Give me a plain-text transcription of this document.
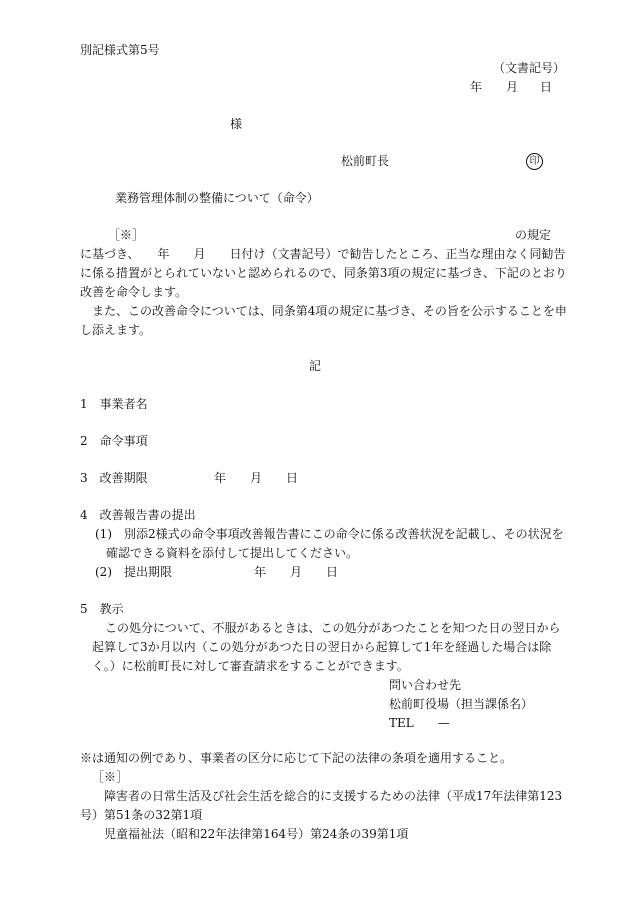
別記様式第5号
（文書記号）
年 月 日
様
松前町長	印
業務管理体制の整備について（命令）
［※］	の規定
に基づき、　　年　　月　　日付け（文書記号）で勧告したところ、正当な理由なく同勧告
に係る措置がとられていないと認められるので、同条第3項の規定に基づき、下記のとおり
改善を命令します。
　また、この改善命令については、同条第4項の規定に基づき、その旨を公示することを申
し添えます。
記
1　事業者名
2　命令事項
3　改善期限	年　　月　　日
4　改善報告書の提出
(1)　別添2様式の命令事項改善報告書にこの命令に係る改善状況を記載し、その状況を
確認できる資料を添付して提出してください。
(2)　提出期限	年　　月　　日
5　教示
この処分について、不服があるときは、この処分があつたことを知つた日の翌日から
起算して3か月以内（この処分があつた日の翌日から起算して1年を経過した場合は除
く。）に松前町長に対して審査請求をすることができます。
問い合わせ先
松前町役場（担当課係名）
TEL　　—
※は通知の例であり、事業者の区分に応じて下記の法律の条項を適用すること。
［※］
障害者の日常生活及び社会生活を総合的に支援するための法律（平成17年法律第123
号）第51条の32第1項
児童福祉法（昭和22年法律第164号）第24条の39第1項
